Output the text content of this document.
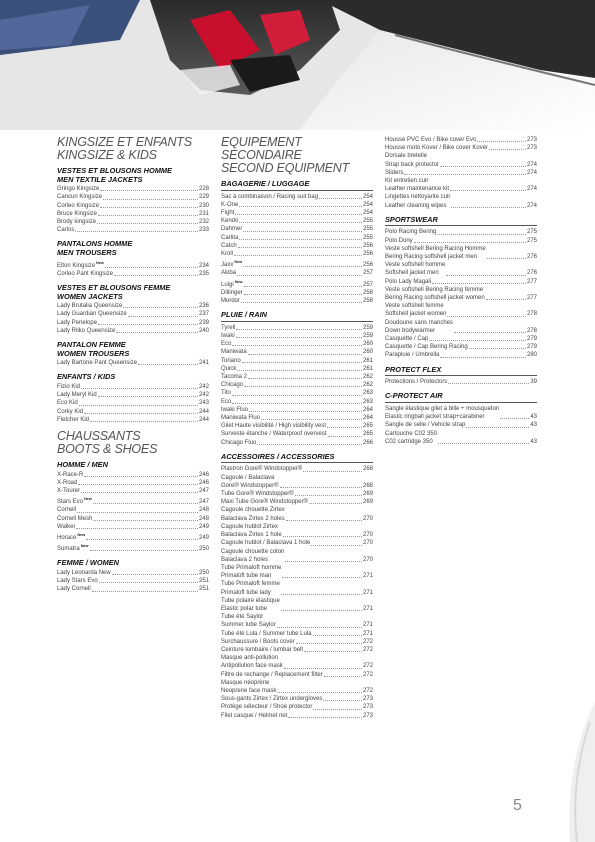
KINGSIZE ET ENFANTS
KINGSIZE & KIDS
VESTES ET BLOUSONS HOMME
MEN TEXTILE JACKETS
Gringo Kingsize	228
Cancun Kingsize	229
Corleo Kingsize	230
Bruce Kingsize	231
Brody kingsize	232
Carlos	233
PANTALONS HOMME
MEN TROUSERS
Elton Kingsize$^{New}$	234
Corleo Pant Kingsize	235
VESTES ET BLOUSONS FEMME
WOMEN JACKETS
Lady Brutalia Queensize	236
Lady Guardian Queensize	237
Lady Penelope	239
Lady Rilko Queensize	240
PANTALON FEMME
WOMEN TROUSERS
Lady Bartone Pant Queensize	241
ENFANTS / KIDS
Fizio Kid	242
Lady Meryl Kid	242
Eco Kid	243
Corky Kid	244
Fletcher Kid	244
CHAUSSANTS
BOOTS & SHOES
HOMME / MEN
X-Race-R	246
X-Road	246
X-Tourer	247
Stars Evo$^{New}$	247
Cornell	248
Cornell Mesh	248
Walker	249
Horace$^{New}$	249
Sumatra$^{New}$	250
FEMME / WOMEN
Lady Leonarda New	250
Lady Stars Evo	251
Lady Cornell	251
EQUIPEMENT SECONDAIRE
SECOND EQUIPMENT
BAGAGERIE / LUGGAGE
Sac à combinaison / Racing suit bag	254
K-One	254
Fight	254
Kendo	255
Dahmer	255
Carlita	255
Catch	256
Kroll	256
Jaxx$^{New}$	256
Akiba	257
Luigi$^{New}$	257
Dillinger	258
Mordor	258
PLUIE / RAIN
Tyrell	259
Iwaki	259
Eco	260
Maniwata	260
Toriano	261
Quick	261
Tacoma 2	262
Chicago	262
Tito	263
Eco	263
Iwaki Fluo	264
Maniwata Fluo	264
Gilet Haute visibilité / High visibility vest	265
Surveste étanche / Waterproof overvest	265
Chicago Fluo	266
ACCESSOIRES / ACCESSORIES
Plastron Gore® Windstopper®	268
Cagoule / Balaclava
Gore® Windstopper®	268
Tube Gore® Windstopper®	269
Maxi Tube Gore® Windstopper®	269
Cagoule chouette Zirtex
Balaclava Zirtex 2 holes	270
Cagoule hublot Zirtex
Balaclava Zirtex 1 hole	270
Cagoule hublot / Balaclava 1 hole	270
Cagoule chouette coton
Balaclava 2 holes	270
Tube Primaloft homme
Primaloft tube man	271
Tube Primaloft femme
Primaloft tube lady	271
Tube polaire élastique
Elastic polar tube	271
Tube été Saylor
Summer tube Saylor	271
Tube été Lula / Summer tube Lula	271
Surchaussure / Boots cover	272
Ceinture lombaire / lumbar belt	272
Masque anti-pollution
Antipollution face mask	272
Filtre de rechange / Replacement filter	272
Masque néoprène
Neoprene face mask	272
Sous-gants Zirtex / Zirtex undergloves	273
Protège sélecteur / Shoe protector	273
Filet casque / Helmet net	273
Housse PVC Evo / Bike cover Evo	273
Housse moto Kover / Bike cover Kover	273
Dorsale bretelle
Strap back protector	274
Sliders	274
Kit entretien cuir
Leather maintenance kit	274
Lingettes nettoyante cuir
Leather cleaning wipes	274
SPORTSWEAR
Polo Racing Bering	275
Polo Dony	275
Veste softshell Bering Racing Homme
Bering Racing softshell jacket men	276
Veste softshell homme
Softshell jacket men	276
Polo Lady Magali	277
Veste softshell Bering Racing femme
Bering Racing softshell jacket women	277
Veste softshell femme
Softshell jacket women	278
Doudoune sans manches
Down bodywarmer	278
Casquette / Cap	279
Casquette / Cap Bering Racing	279
Parapluie / Umbrella	280
PROTECT FLEX
Protections / Protectors	39
C-PROTECT AIR
Sangle élastique gilet à bille + mousqueton
Elastic ringball jacket strap+carabiner	43
Sangle de selle / Vehicle strap	43
Cartouche C02 350
C02 cartridge 350	43
5
